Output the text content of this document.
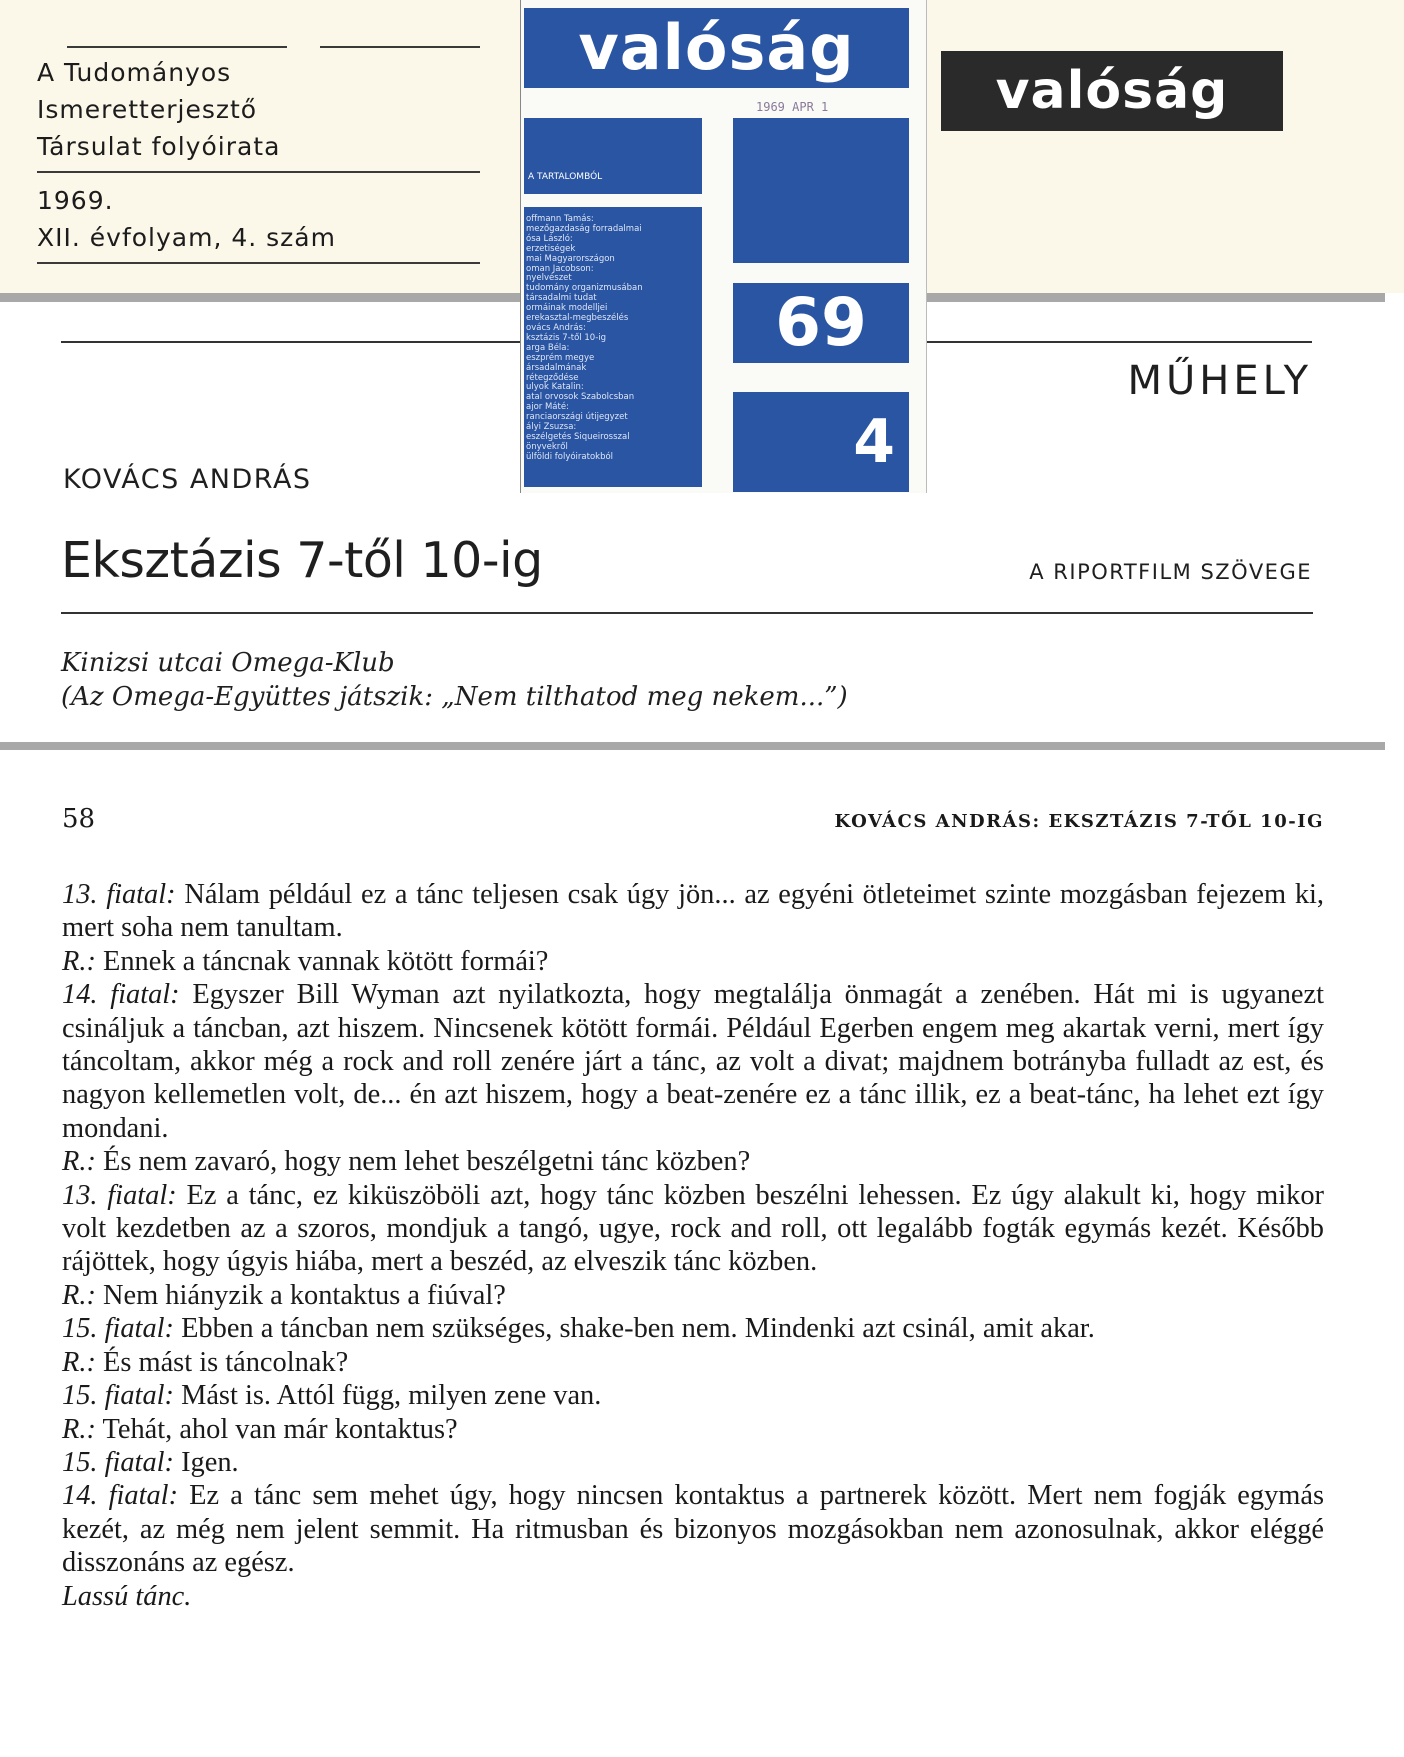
A Tudományos
Ismeretterjesztő
Társulat folyóirata
1969.
XII. évfolyam, 4. szám
valóság
MŰHELY
KOVÁCS ANDRÁS
Eksztázis 7-től 10-ig	A RIPORTFILM SZÖVEGE
Kinizsi utcai Omega-Klub
(Az Omega-Együttes játszik: „Nem tilthatod meg nekem...”)
valóság
1969 APR 1
A TARTALOMBÓL
offmann Tamás:
mezőgazdaság forradalmai
ósa László:
erzetiségek
mai Magyarországon
oman Jacobson:
nyelvészet
tudomány organizmusában
társadalmi tudat
ormáinak modelljei
erekasztal-megbeszélés
ovács András:
ksztázis 7-től 10-ig
arga Béla:
eszprém megye
ársadalmának
rétegződése
ulyok Katalin:
atal orvosok Szabolcsban
ajor Máté:
ranciaországi útijegyzet
ályi Zsuzsa:
eszélgetés Siqueirosszal
önyvekről
ülföldi folyóiratokból
69
4
58	KOVÁCS ANDRÁS: EKSZTÁZIS 7-TŐL 10-IG
13. fiatal: Nálam például ez a tánc teljesen csak úgy jön... az egyéni ötleteimet szinte mozgásban fejezem ki, mert soha nem tanultam.
R.: Ennek a táncnak vannak kötött formái?
14. fiatal: Egyszer Bill Wyman azt nyilatkozta, hogy megtalálja önmagát a zenében. Hát mi is ugyanezt csináljuk a táncban, azt hiszem. Nincsenek kötött formái. Például Egerben engem meg akartak verni, mert így táncoltam, akkor még a rock and roll zenére járt a tánc, az volt a divat; majdnem botrányba fulladt az est, és nagyon kellemetlen volt, de... én azt hiszem, hogy a beat-zenére ez a tánc illik, ez a beat-tánc, ha lehet ezt így mondani.
R.: És nem zavaró, hogy nem lehet beszélgetni tánc közben?
13. fiatal: Ez a tánc, ez kiküszöböli azt, hogy tánc közben beszélni lehessen. Ez úgy alakult ki, hogy mikor volt kezdetben az a szoros, mondjuk a tangó, ugye, rock and roll, ott legalább fogták egymás kezét. Később rájöttek, hogy úgyis hiába, mert a beszéd, az elveszik tánc közben.
R.: Nem hiányzik a kontaktus a fiúval?
15. fiatal: Ebben a táncban nem szükséges, shake-ben nem. Mindenki azt csinál, amit akar.
R.: És mást is táncolnak?
15. fiatal: Mást is. Attól függ, milyen zene van.
R.: Tehát, ahol van már kontaktus?
15. fiatal: Igen.
14. fiatal: Ez a tánc sem mehet úgy, hogy nincsen kontaktus a partnerek között. Mert nem fogják egymás kezét, az még nem jelent semmit. Ha ritmusban és bizonyos mozgásokban nem azonosulnak, akkor eléggé disszonáns az egész.
Lassú tánc.
